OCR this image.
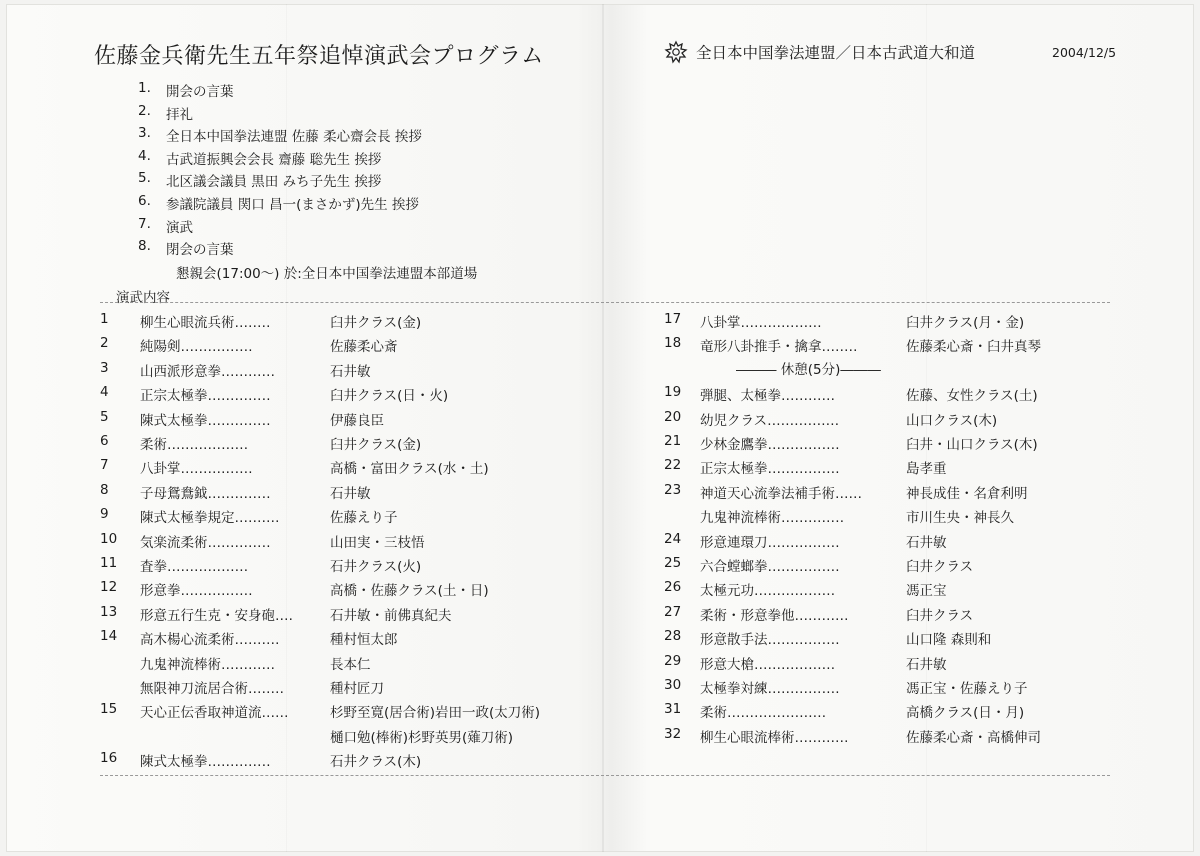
佐藤金兵衛先生五年祭追悼演武会プログラム	全日本中国拳法連盟／日本古武道大和道	2004/12/5
1.	開会の言葉
2.	拝礼
3.	全日本中国拳法連盟 佐藤 柔心齋会長 挨拶
4.	古武道振興会会長 齋藤 聡先生 挨拶
5.	北区議会議員 黒田 みち子先生 挨拶
6.	参議院議員 関口 昌一(まさかず)先生 挨拶
7.	演武
8.	閉会の言葉
懇親会(17:00～) 於:全日本中国拳法連盟本部道場
演武内容
1 柳生心眼流兵術‥‥‥‥	臼井クラス(金)
2 純陽剣‥‥‥‥‥‥‥‥	佐藤柔心斎
3 山西派形意拳‥‥‥‥‥‥	石井敏
4 正宗太極拳‥‥‥‥‥‥‥	臼井クラス(日・火)
5 陳式太極拳‥‥‥‥‥‥‥	伊藤良臣
6 柔術‥‥‥‥‥‥‥‥‥	臼井クラス(金)
7 八卦掌‥‥‥‥‥‥‥‥	高橋・富田クラス(水・土)
8 子母鴛鴦鉞‥‥‥‥‥‥‥	石井敏
9 陳式太極拳規定‥‥‥‥‥	佐藤えり子
10 気楽流柔術‥‥‥‥‥‥‥	山田実・三枝悟
11 査拳‥‥‥‥‥‥‥‥‥	石井クラス(火)
12 形意拳‥‥‥‥‥‥‥‥	高橋・佐藤クラス(土・日)
13 形意五行生克・安身砲‥‥	石井敏・前佛真紀夫
14 高木楊心流柔術‥‥‥‥‥	種村恒太郎
九鬼神流棒術‥‥‥‥‥‥	長本仁
無限神刀流居合術‥‥‥‥	種村匠刀
15 天心正伝香取神道流‥‥‥	杉野至寛(居合術)岩田一政(太刀術)
樋口勉(棒術)杉野英男(薙刀術)
16 陳式太極拳‥‥‥‥‥‥‥	石井クラス(木)
17 八卦掌‥‥‥‥‥‥‥‥‥	臼井クラス(月・金)
18 竜形八卦推手・擒拿‥‥‥‥	佐藤柔心斎・臼井真琴
19 弾腿、太極拳‥‥‥‥‥‥	佐藤、女性クラス(土)
20 幼児クラス‥‥‥‥‥‥‥‥	山口クラス(木)
21 少林金鷹拳‥‥‥‥‥‥‥‥	臼井・山口クラス(木)
22 正宗太極拳‥‥‥‥‥‥‥‥	島孝重
23 神道天心流拳法補手術‥‥‥	神長成佳・名倉利明
九鬼神流棒術‥‥‥‥‥‥‥	市川生央・神長久
24 形意連環刀‥‥‥‥‥‥‥‥	石井敏
25 六合螳螂拳‥‥‥‥‥‥‥‥	臼井クラス
26 太極元功‥‥‥‥‥‥‥‥‥	馮正宝
27 柔術・形意拳他‥‥‥‥‥‥	臼井クラス
28 形意散手法‥‥‥‥‥‥‥‥	山口隆 森則和
29 形意大槍‥‥‥‥‥‥‥‥‥	石井敏
30 太極拳対練‥‥‥‥‥‥‥‥	馮正宝・佐藤えり子
31 柔術‥‥‥‥‥‥‥‥‥‥‥	高橋クラス(日・月)
32 柳生心眼流棒術‥‥‥‥‥‥	佐藤柔心斎・高橋伸司
――― 休憩(5分)―――
